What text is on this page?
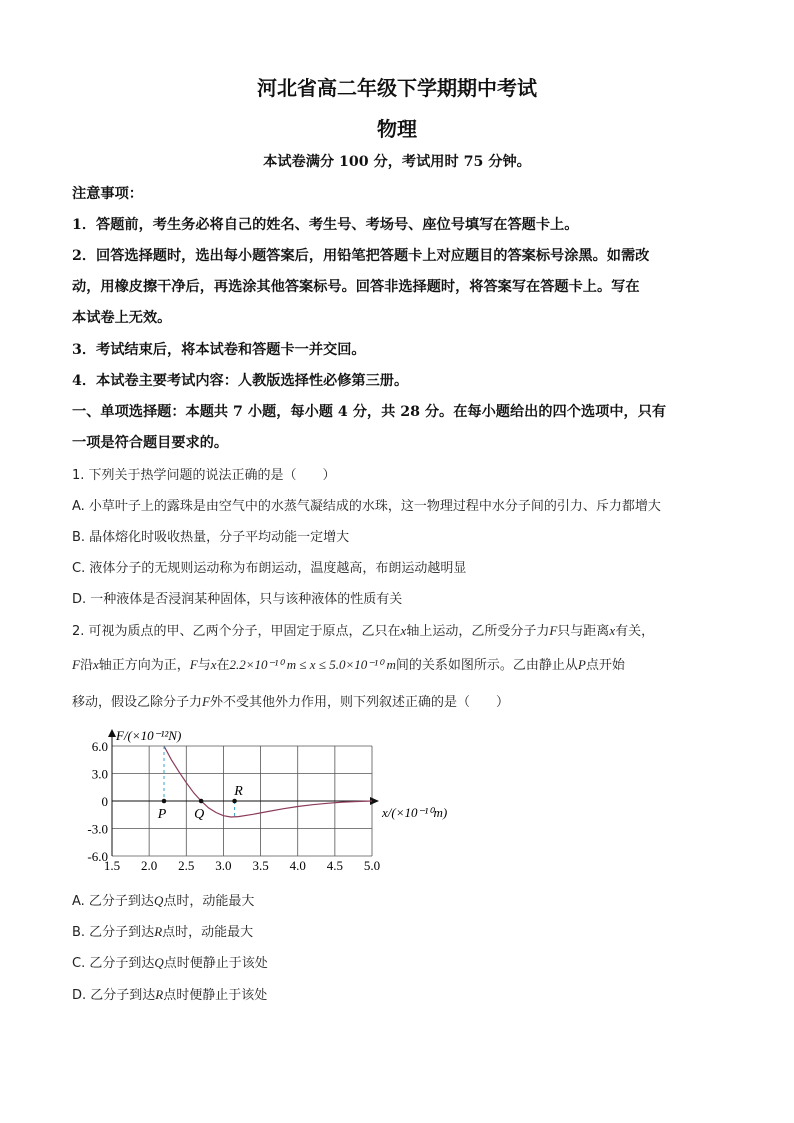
河北省高二年级下学期期中考试
物理
本试卷满分 100 分，考试用时 75 分钟。
注意事项：
1．答题前，考生务必将自己的姓名、考生号、考场号、座位号填写在答题卡上。
2．回答选择题时，选出每小题答案后，用铅笔把答题卡上对应题目的答案标号涂黑。如需改
动，用橡皮擦干净后，再选涂其他答案标号。回答非选择题时，将答案写在答题卡上。写在
本试卷上无效。
3．考试结束后，将本试卷和答题卡一并交回。
4．本试卷主要考试内容：人教版选择性必修第三册。
一、单项选择题：本题共 7 小题，每小题 4 分，共 28 分。在每小题给出的四个选项中，只有
一项是符合题目要求的。
1. 下列关于热学问题的说法正确的是（　　）
A. 小草叶子上的露珠是由空气中的水蒸气凝结成的水珠，这一物理过程中水分子间的引力、斥力都增大
B. 晶体熔化时吸收热量，分子平均动能一定增大
C. 液体分子的无规则运动称为布朗运动，温度越高，布朗运动越明显
D. 一种液体是否浸润某种固体，只与该种液体的性质有关
2. 可视为质点的甲、乙两个分子，甲固定于原点，乙只在x轴上运动，乙所受分子力F只与距离x有关，
F沿x轴正方向为正，F与x在2.2×10⁻¹⁰ m ≤ x ≤ 5.0×10⁻¹⁰ m间的关系如图所示。乙由静止从P点开始
移动，假设乙除分子力F外不受其他外力作用，则下列叙述正确的是（　　）
1.5 2.0 2.5 3.0 3.5 4.0 4.5 5.0
6.0
3.0
0
-3.0
-6.0
P Q
R
F/(×10⁻¹²N)
x/(×10⁻¹⁰m)
A. 乙分子到达Q点时，动能最大
B. 乙分子到达R点时，动能最大
C. 乙分子到达Q点时便静止于该处
D. 乙分子到达R点时便静止于该处
